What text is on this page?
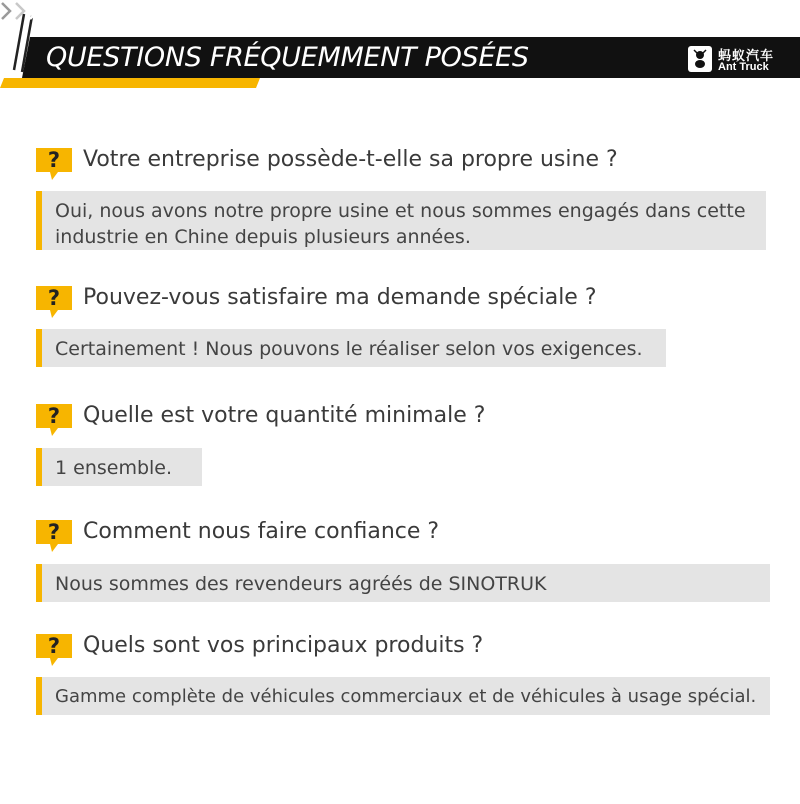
QUESTIONS FRÉQUEMMENT POSÉES	蚂蚁汽车
Ant Truck
?	Votre entreprise possède-t-elle sa propre usine ?
Oui, nous avons notre propre usine et nous sommes engagés dans cette industrie en Chine depuis plusieurs années.
?	Pouvez-vous satisfaire ma demande spéciale ?
Certainement ! Nous pouvons le réaliser selon vos exigences.
?	Quelle est votre quantité minimale ?
1 ensemble.
?	Comment nous faire confiance ?
Nous sommes des revendeurs agréés de SINOTRUK
?	Quels sont vos principaux produits ?
Gamme complète de véhicules commerciaux et de véhicules à usage spécial.
